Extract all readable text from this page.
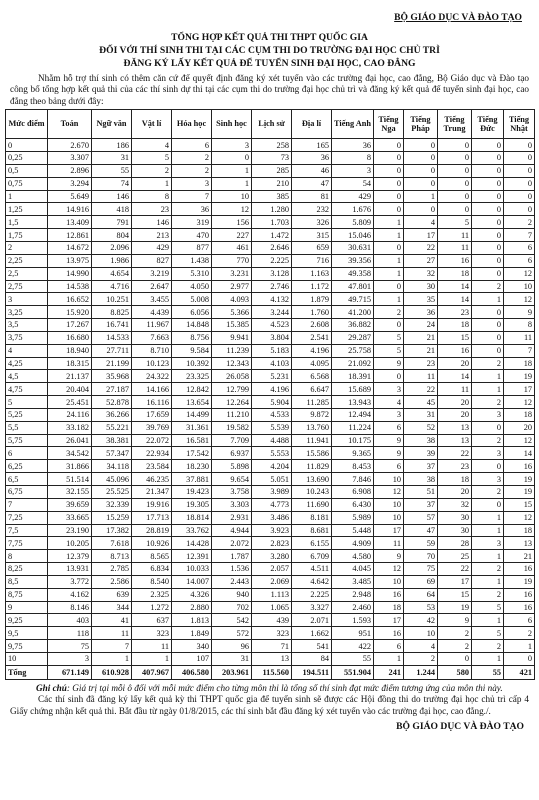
BỘ GIÁO DỤC VÀ ĐÀO TẠO
TỔNG HỢP KẾT QUẢ THI THPT QUỐC GIA
ĐỐI VỚI THÍ SINH THI TẠI CÁC CỤM THI DO TRƯỜNG ĐẠI HỌC CHỦ TRÌ
ĐĂNG KÝ LẤY KẾT QUẢ ĐỂ TUYỂN SINH ĐẠI HỌC, CAO ĐẲNG

Nhằm hỗ trợ thí sinh có thêm căn cứ để quyết định đăng ký xét tuyển vào các trường đại học, cao đẳng, Bộ Giáo dục và Đào tạo công bố tổng hợp kết quả thi của các thí sinh dự thi tại các cụm thi do trường đại học chủ trì và đăng ký kết quả để tuyển sinh đại học, cao đẳng theo bảng dưới đây:

Mức điểm	Toán	Ngữ văn	Vật lí	Hóa học	Sinh học	Lịch sử	Địa lí	Tiếng Anh	Tiếng Nga	Tiếng Pháp	Tiếng Trung	Tiếng Đức	Tiếng Nhật
0	2.670	186	4	6	3	258	165	36	0	0	0	0	0
0,25	3.307	31	5	2	0	73	36	8	0	0	0	0	0
0,5	2.896	55	2	2	1	285	46	3	0	0	0	0	0
0,75	3.294	74	1	3	1	210	47	54	0	0	0	0	0
1	5.649	146	8	7	10	385	81	429	0	1	0	0	0
1,25	14.916	418	23	36	12	1.280	232	1.676	0	0	0	0	0
1,5	13.409	791	146	319	156	1.703	326	5.809	1	4	5	0	2
1,75	12.861	804	213	470	227	1.472	315	15.046	1	17	11	0	7
2	14.672	2.096	429	877	461	2.646	659	30.631	0	22	11	0	6
2,25	13.975	1.986	827	1.438	770	2.225	716	39.356	1	27	16	0	6
2,5	14.990	4.654	3.219	5.310	3.231	3.128	1.163	49.358	1	32	18	0	12
2,75	14.538	4.716	2.647	4.050	2.977	2.746	1.172	47.801	0	30	14	2	10
3	16.652	10.251	3.455	5.008	4.093	4.132	1.879	49.715	1	35	14	1	12
3,25	15.920	8.825	4.439	6.056	5.366	3.244	1.760	41.200	2	36	23	0	9
3,5	17.267	16.741	11.967	14.848	15.385	4.523	2.608	36.882	0	24	18	0	8
3,75	16.680	14.533	7.663	8.756	9.941	3.804	2.541	29.287	5	21	15	0	11
4	18.940	27.711	8.710	9.584	11.239	5.183	4.196	25.758	5	21	16	0	7
4,25	18.315	21.199	10.123	10.392	12.343	4.103	4.095	21.092	9	23	20	2	18
4,5	21.137	35.968	24.322	23.325	26.058	5.231	6.568	18.391	0	11	14	1	19
4,75	20.404	27.187	14.166	12.842	12.799	4.196	6.647	15.689	3	22	11	1	17
5	25.451	52.878	16.116	13.654	12.264	5.904	11.285	13.943	4	45	20	2	12
5,25	24.116	36.266	17.659	14.499	11.210	4.533	9.872	12.494	3	31	20	3	18
5,5	33.182	55.221	39.769	31.361	19.582	5.539	13.760	11.224	6	52	13	0	20
5,75	26.041	38.381	22.072	16.581	7.709	4.488	11.941	10.175	9	38	13	2	12
6	34.542	57.347	22.934	17.542	6.937	5.553	15.586	9.365	9	39	22	3	14
6,25	31.866	34.118	23.584	18.230	5.898	4.204	11.829	8.453	6	37	23	0	16
6,5	51.514	45.096	46.235	37.881	9.654	5.051	13.690	7.846	10	38	18	3	19
6,75	32.155	25.525	21.347	19.423	3.758	3.989	10.243	6.908	12	51	20	2	19
7	39.659	32.339	19.916	19.305	3.303	4.773	11.690	6.430	10	37	32	0	15
7,25	33.665	15.259	17.713	18.814	2.931	3.486	8.181	5.989	10	57	30	1	12
7,5	23.190	17.382	28.819	33.762	4.944	3.923	8.681	5.448	17	47	30	1	18
7,75	10.205	7.618	10.926	14.428	2.072	2.823	6.155	4.909	11	59	28	3	13
8	12.379	8.713	8.565	12.391	1.787	3.280	6.709	4.580	9	70	25	1	21
8,25	13.931	2.785	6.834	10.033	1.536	2.057	4.511	4.045	12	75	22	2	16
8,5	3.772	2.586	8.540	14.007	2.443	2.069	4.642	3.485	10	69	17	1	19
8,75	4.162	639	2.325	4.326	940	1.113	2.225	2.948	16	64	15	2	16
9	8.146	344	1.272	2.880	702	1.065	3.327	2.460	18	53	19	5	16
9,25	403	41	637	1.813	542	439	2.071	1.593	17	42	9	1	6
9,5	118	11	323	1.849	572	323	1.662	951	16	10	2	5	2
9,75	75	7	11	340	96	71	541	422	6	4	2	2	1
10	3	1	1	107	31	13	84	55	1	2	0	1	0
Tổng	671.149	610.928	407.967	406.580	203.961	115.560	194.511	551.904	241	1.244	580	55	421

Ghi chú: Giá trị tại mỗi ô đối với mỗi mức điểm cho từng môn thi là tổng số thí sinh đạt mức điểm tương ứng của môn thi này.

Các thí sinh đã đăng ký lấy kết quả kỳ thi THPT quốc gia để tuyển sinh sẽ được các Hội đồng thi do trường đại học chủ trì cấp 4 Giấy chứng nhận kết quả thi. Bắt đầu từ ngày 01/8/2015, các thí sinh bắt đầu đăng ký xét tuyển vào các trường đại học, cao đẳng./.

BỘ GIÁO DỤC VÀ ĐÀO TẠO
